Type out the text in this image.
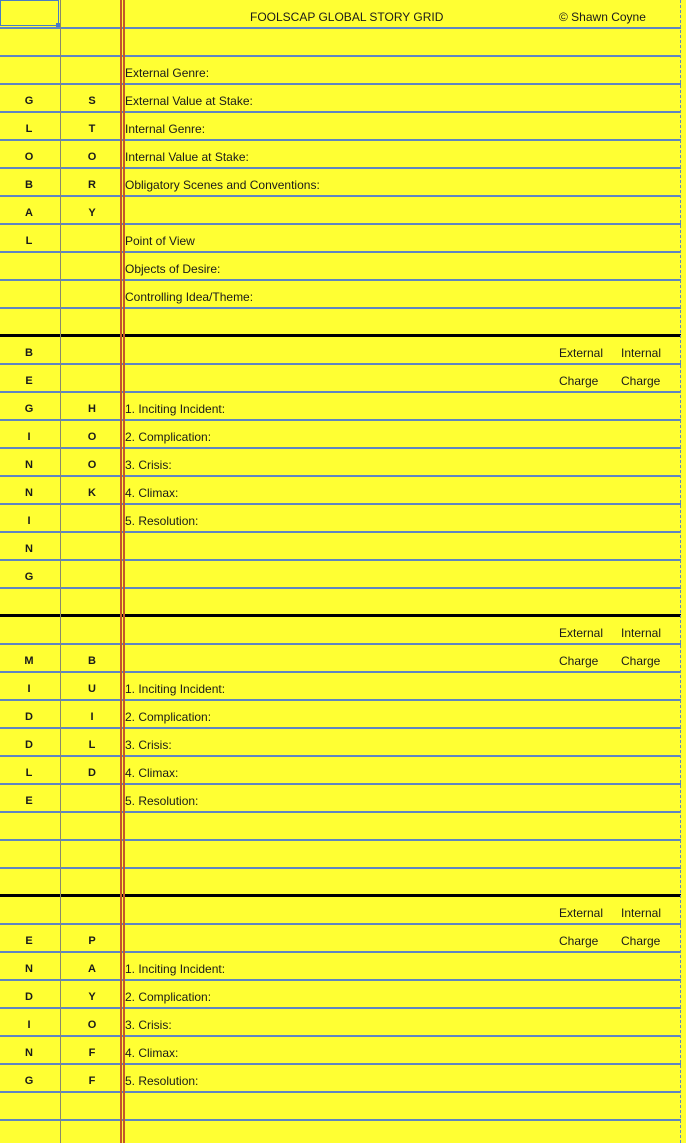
FOOLSCAP GLOBAL STORY GRID	© Shawn Coyne
G
L
O
B
A
L
S
T
O
R
Y
External Genre:
External Value at Stake:
Internal Genre:
Internal Value at Stake:
Obligatory Scenes and Conventions:
Point of View
Objects of Desire:
Controlling Idea/Theme:
B
E
G
I
N
N
I
N
G
H
O
O
K
1. Inciting Incident:
2. Complication:
3. Crisis:
4. Climax:
5. Resolution:
External Internal
Charge Charge
M
I
D
D
L
E
B
U
I
L
D
1. Inciting Incident:
2. Complication:
3. Crisis:
4. Climax:
5. Resolution:
External Internal
Charge Charge
E
N
D
I
N
G
P
A
Y
O
F
F
1. Inciting Incident:
2. Complication:
3. Crisis:
4. Climax:
5. Resolution:
External Internal
Charge Charge
